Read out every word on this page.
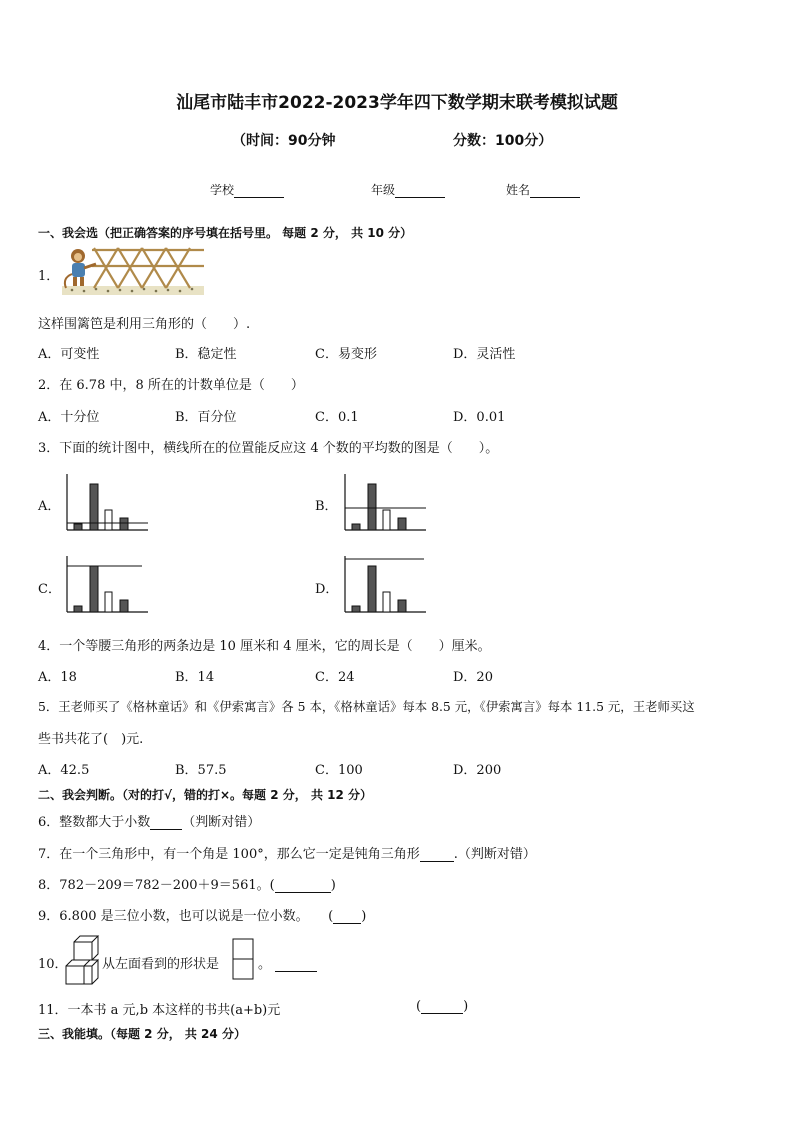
汕尾市陆丰市2022-2023学年四下数学期末联考模拟试题
（时间：90分钟	分数：100分）
学校	年级	姓名
一、我会选（把正确答案的序号填在括号里。 每题 2 分， 共 10 分）
1．
这样围篱笆是利用三角形的（　　）.
A．可变性	B．稳定性	C．易变形	D．灵活性
2．在 6.78 中，8 所在的计数单位是（　　）
A．十分位	B．百分位	C．0.1	D．0.01
3．下面的统计图中，横线所在的位置能反应这 4 个数的平均数的图是（　　）。
A．	B．
C．	D．
4．一个等腰三角形的两条边是 10 厘米和 4 厘米，它的周长是（　　）厘米。
A．18	B．14	C．24	D．20
5．王老师买了《格林童话》和《伊索寓言》各 5 本，《格林童话》每本 8.5 元，《伊索寓言》每本 11.5 元，王老师买这
些书共花了(　)元.
A．42.5	B．57.5	C．100	D．200
二、我会判断。（对的打√，错的打×。每题 2 分， 共 12 分）
6．整数都大于小数 （判断对错）
7．在一个三角形中，有一个角是 100°，那么它一定是钝角三角形	.（判断对错）
8．782－209＝782－200＋9＝561。(	)
9．6.800 是三位小数，也可以说是一位小数。　　( )
10．	从左面看到的形状是	。
11．一本书 a 元,b 本这样的书共(a+b)元	(	)
三、我能填。（每题 2 分， 共 24 分）
